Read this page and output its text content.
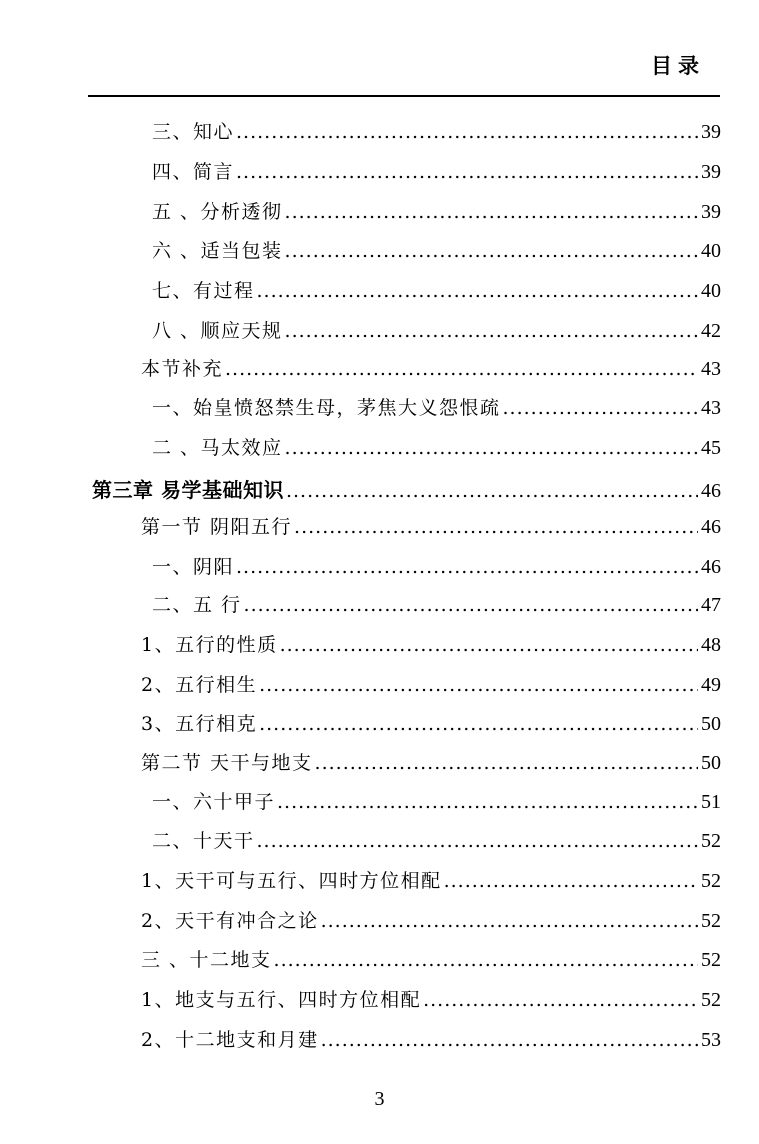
目录
三、知心 .....	39
四、简言 .....	39
五 、分析透彻 .....	39
六 、适当包装 .....	40
七、有过程 .....	40
八 、顺应天规 .....	42
本节补充 .....	43
一、始皇愤怒禁生母，茅焦大义怨恨疏 .....	43
二 、马太效应 .....	45
第三章 易学基础知识 .....	46
第一节 阴阳五行 .....	46
一、阴阳 .....	46
二、五 行 .....	47
1、五行的性质 .....	48
2、五行相生 .....	49
3、五行相克 .....	50
第二节 天干与地支 .....	50
一、六十甲子 .....	51
二、十天干 .....	52
1、天干可与五行、四时方位相配 .....	52
2、天干有冲合之论 .....	52
三 、十二地支 .....	52
1、地支与五行、四时方位相配 .....	52
2、十二地支和月建 .....	53
3
